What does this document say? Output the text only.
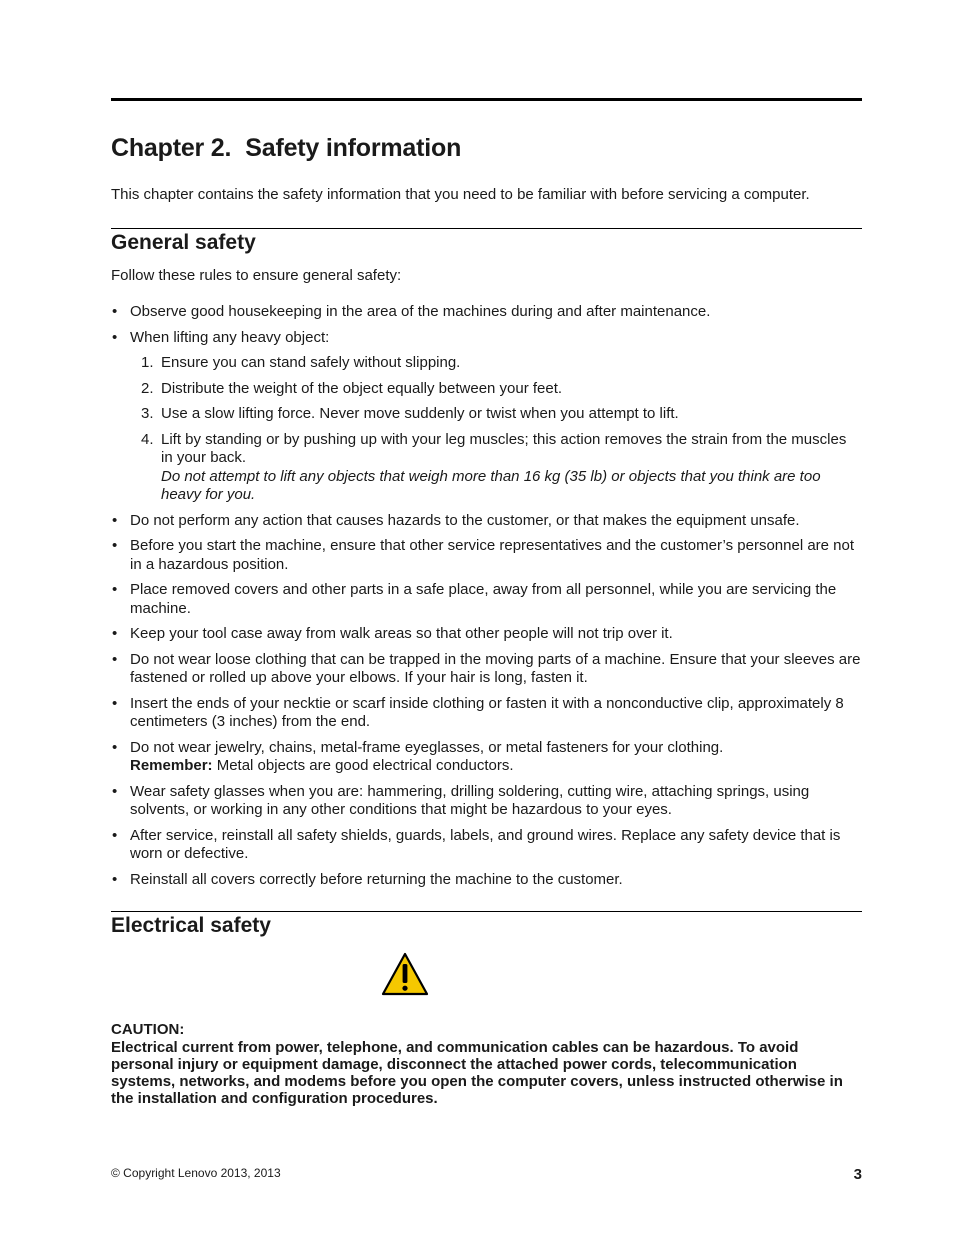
Chapter 2. Safety information

This chapter contains the safety information that you need to be familiar with before servicing a computer.

General safety

Follow these rules to ensure general safety:

• Observe good housekeeping in the area of the machines during and after maintenance.
• When lifting any heavy object:
1. Ensure you can stand safely without slipping.
2. Distribute the weight of the object equally between your feet.
3. Use a slow lifting force. Never move suddenly or twist when you attempt to lift.
4. Lift by standing or by pushing up with your leg muscles; this action removes the strain from the muscles in your back.
Do not attempt to lift any objects that weigh more than 16 kg (35 lb) or objects that you think are too heavy for you.
• Do not perform any action that causes hazards to the customer, or that makes the equipment unsafe.
• Before you start the machine, ensure that other service representatives and the customer’s personnel are not in a hazardous position.
• Place removed covers and other parts in a safe place, away from all personnel, while you are servicing the machine.
• Keep your tool case away from walk areas so that other people will not trip over it.
• Do not wear loose clothing that can be trapped in the moving parts of a machine. Ensure that your sleeves are fastened or rolled up above your elbows. If your hair is long, fasten it.
• Insert the ends of your necktie or scarf inside clothing or fasten it with a nonconductive clip, approximately 8 centimeters (3 inches) from the end.
• Do not wear jewelry, chains, metal-frame eyeglasses, or metal fasteners for your clothing.
Remember: Metal objects are good electrical conductors.
• Wear safety glasses when you are: hammering, drilling soldering, cutting wire, attaching springs, using solvents, or working in any other conditions that might be hazardous to your eyes.
• After service, reinstall all safety shields, guards, labels, and ground wires. Replace any safety device that is worn or defective.
• Reinstall all covers correctly before returning the machine to the customer.
Electrical safety

CAUTION:

Electrical current from power, telephone, and communication cables can be hazardous. To avoid personal injury or equipment damage, disconnect the attached power cords, telecommunication systems, networks, and modems before you open the computer covers, unless instructed otherwise in the installation and configuration procedures.

© Copyright Lenovo 2013, 2013	3
